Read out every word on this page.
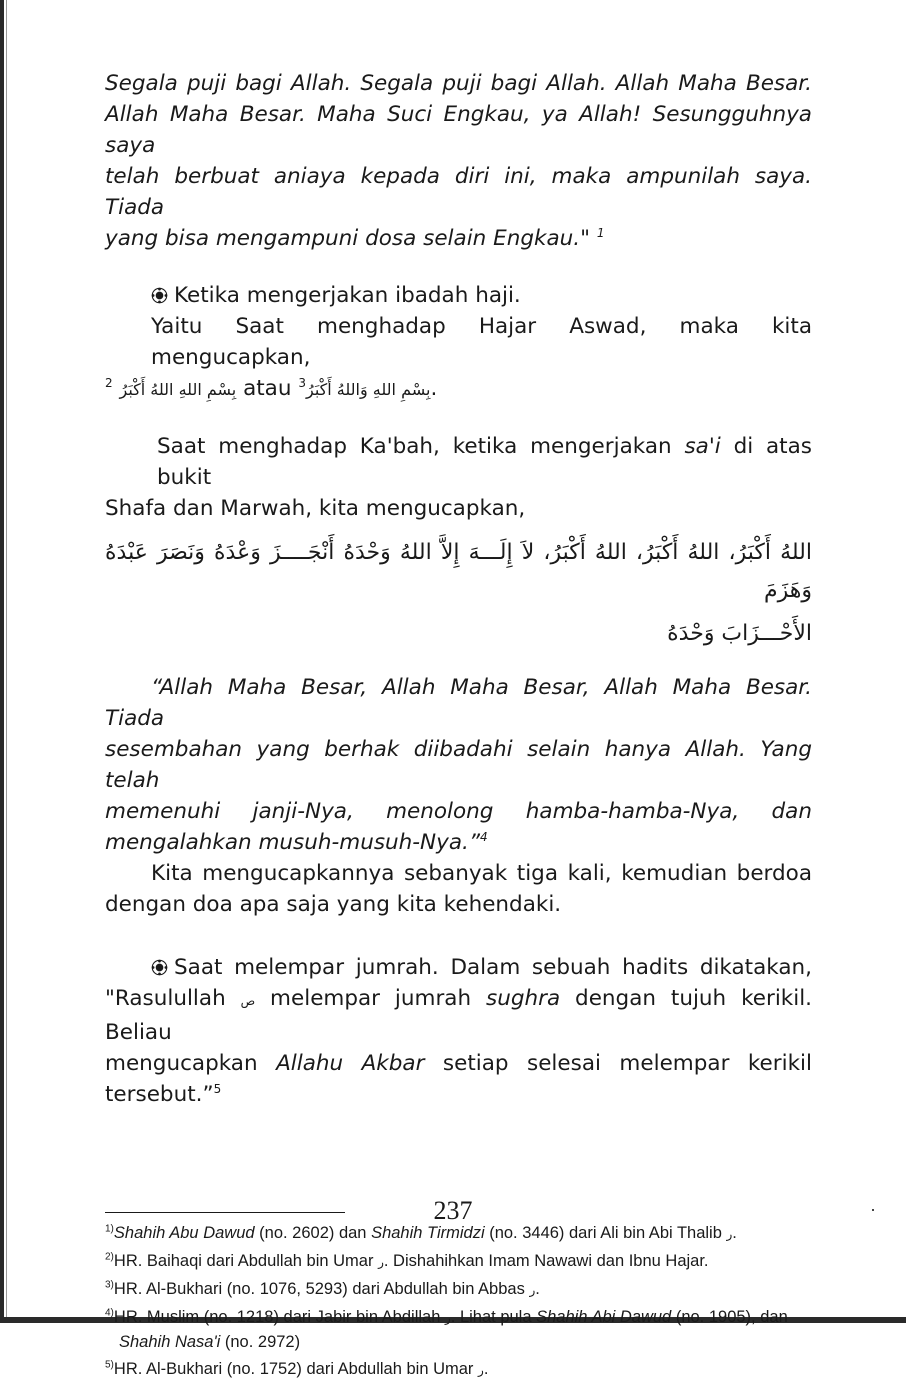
Segala puji bagi Allah. Segala puji bagi Allah. Allah Maha Besar.
Allah Maha Besar. Maha Suci Engkau, ya Allah! Sesungguhnya saya
telah berbuat aniaya kepada diri ini, maka ampunilah saya. Tiada
yang bisa mengampuni dosa selain Engkau." $^1$
Ketika mengerjakan ibadah haji.

Yaitu Saat menghadap Hajar Aswad, maka kita mengucapkan,

بِسْمِ اللهِ اللهُ أَكْبَرُ $^2$	atau بِسْمِ اللهِ وَاللهُ أَكْبَرُ$^3$	.

Saat menghadap Ka'bah, ketika mengerjakan sa'i di atas bukit

Shafa dan Marwah, kita mengucapkan,

اللهُ أَكْبَرُ، اللهُ أَكْبَرُ، اللهُ أَكْبَرُ، لاَ إِلَـــهَ إِلاَّ اللهُ وَحْدَهُ أَنْجَــــزَ وَعْدَهُ وَنَصَرَ عَبْدَهُ وَهَزَمَ
الأَحْـــزَابَ وَحْدَهُ
“Allah Maha Besar, Allah Maha Besar, Allah Maha Besar. Tiada
sesembahan yang berhak diibadahi selain hanya Allah. Yang telah
memenuhi janji-Nya, menolong hamba-hamba-Nya, dan
mengalahkan musuh-musuh-Nya.”$^4$

Kita mengucapkannya sebanyak tiga kali, kemudian berdoa

dengan doa apa saja yang kita kehendaki.

Saat melempar jumrah. Dalam sebuah hadits dikatakan,

"Rasulullah ص melempar jumrah sughra dengan tujuh kerikil. Beliau

mengucapkan Allahu Akbar setiap selesai melempar kerikil

tersebut.”$^5$

$^{1)}$Shahih Abu Dawud (no. 2602) dan Shahih Tirmidzi (no. 3446) dari Ali bin Abi Thalib ر.

$^{2)}$HR. Baihaqi dari Abdullah bin Umar ر. Dishahihkan Imam Nawawi dan Ibnu Hajar.

$^{3)}$HR. Al-Bukhari (no. 1076, 5293) dari Abdullah bin Abbas ر.

$^{4)}$HR. Muslim (no. 1218) dari Jabir bin Abdillah ر. Lihat pula Shahih Abi Dawud (no. 1905), dan Shahih Nasa'i (no. 2972)

$^{5)}$HR. Al-Bukhari (no. 1752) dari Abdullah bin Umar ر.

237
